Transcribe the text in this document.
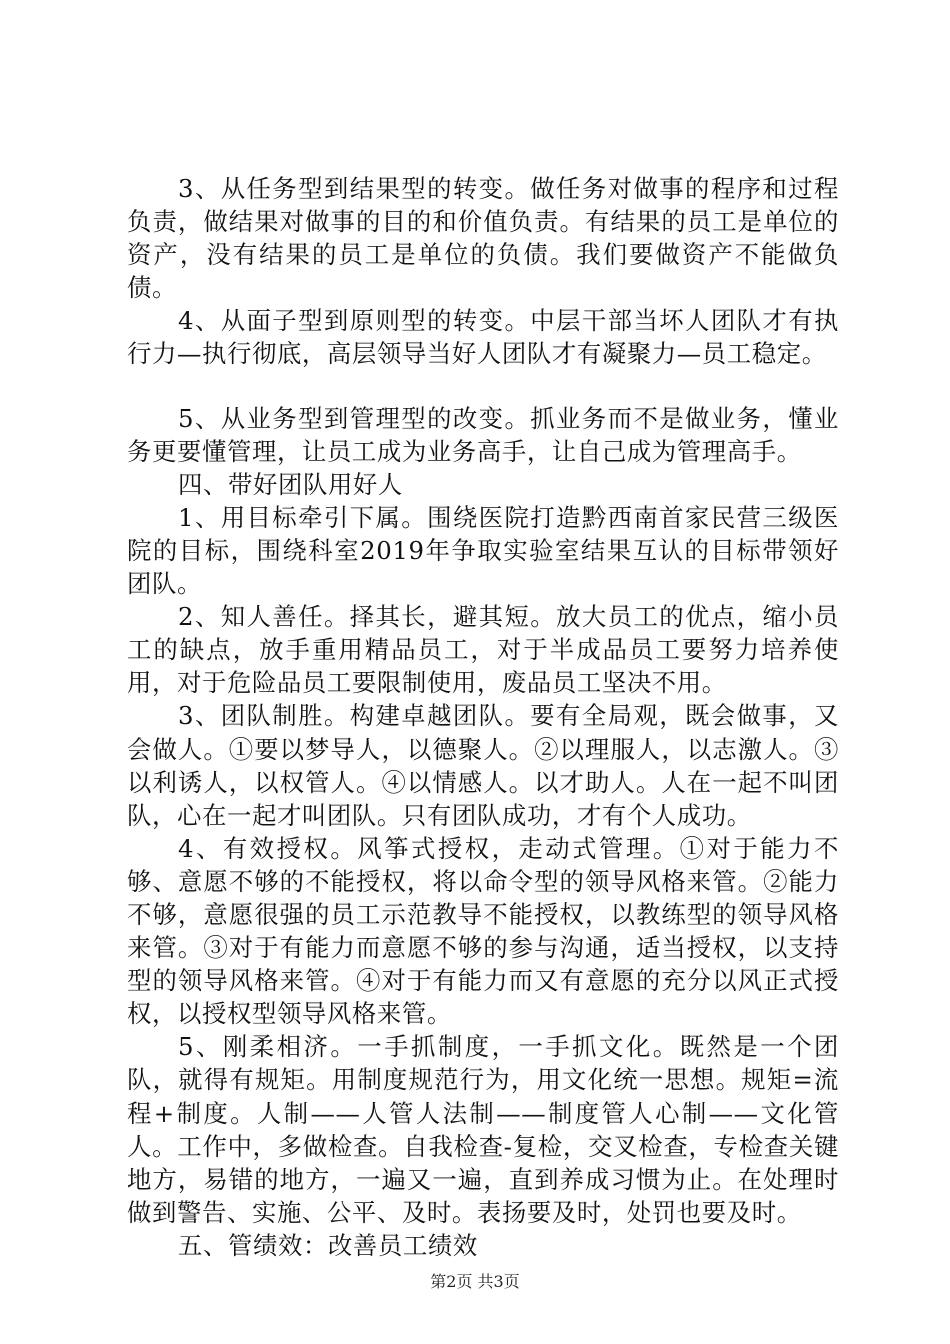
3、从任务型到结果型的转变。做任务对做事的程序和过程负责，做结果对做事的目的和价值负责。有结果的员工是单位的资产，没有结果的员工是单位的负债。我们要做资产不能做负债。

4、从面子型到原则型的转变。中层干部当坏人团队才有执行力—执行彻底，高层领导当好人团队才有凝聚力—员工稳定。

5、从业务型到管理型的改变。抓业务而不是做业务，懂业务更要懂管理，让员工成为业务高手，让自己成为管理高手。

四、带好团队用好人

1、用目标牵引下属。围绕医院打造黔西南首家民营三级医院的目标，围绕科室2019年争取实验室结果互认的目标带领好团队。

2、知人善任。择其长，避其短。放大员工的优点，缩小员工的缺点，放手重用精品员工，对于半成品员工要努力培养使用，对于危险品员工要限制使用，废品员工坚决不用。

3、团队制胜。构建卓越团队。要有全局观，既会做事，又会做人。①要以梦导人，以德聚人。②以理服人，以志激人。③以利诱人，以权管人。④以情感人。以才助人。人在一起不叫团队，心在一起才叫团队。只有团队成功，才有个人成功。

4、有效授权。风筝式授权，走动式管理。①对于能力不够、意愿不够的不能授权，将以命令型的领导风格来管。②能力不够，意愿很强的员工示范教导不能授权，以教练型的领导风格来管。③对于有能力而意愿不够的参与沟通，适当授权，以支持型的领导风格来管。④对于有能力而又有意愿的充分以风正式授权，以授权型领导风格来管。

5、刚柔相济。一手抓制度，一手抓文化。既然是一个团队，就得有规矩。用制度规范行为，用文化统一思想。规矩=流程+制度。人制——人管人法制——制度管人心制——文化管人。工作中，多做检查。自我检查-复检，交叉检查，专检查关键地方，易错的地方，一遍又一遍，直到养成习惯为止。在处理时做到警告、实施、公平、及时。表扬要及时，处罚也要及时。

五、管绩效：改善员工绩效

第2页 共3页
